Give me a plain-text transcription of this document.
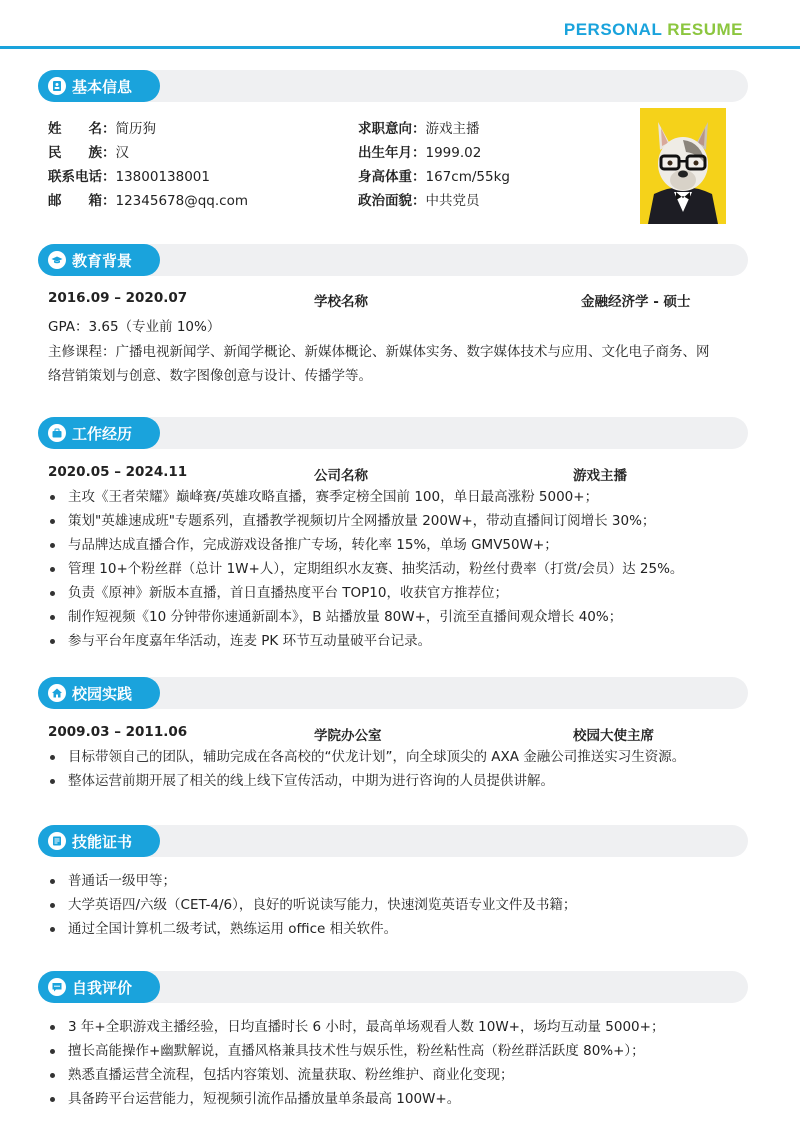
PERSONAL RESUME
基本信息
姓　　名：简历狗
民　　族：汉
联系电话：13800138001
邮　　箱：12345678@qq.com
求职意向：游戏主播
出生年月：1999.02
身高体重：167cm/55kg
政治面貌：中共党员
教育背景
2016.09 – 2020.07	学校名称	金融经济学 - 硕士
GPA：3.65（专业前 10%）
主修课程：广播电视新闻学、新闻学概论、新媒体概论、新媒体实务、数字媒体技术与应用、文化电子商务、网
络营销策划与创意、数字图像创意与设计、传播学等。
工作经历
2020.05 – 2024.11	公司名称	游戏主播
主攻《王者荣耀》巅峰赛/英雄攻略直播，赛季定榜全国前 100，单日最高涨粉 5000+；
策划"英雄速成班"专题系列，直播教学视频切片全网播放量 200W+，带动直播间订阅增长 30%；
与品牌达成直播合作，完成游戏设备推广专场，转化率 15%，单场 GMV50W+；
管理 10+个粉丝群（总计 1W+人），定期组织水友赛、抽奖活动，粉丝付费率（打赏/会员）达 25%。
负责《原神》新版本直播，首日直播热度平台 TOP10，收获官方推荐位；
制作短视频《10 分钟带你速通新副本》，B 站播放量 80W+，引流至直播间观众增长 40%；
参与平台年度嘉年华活动，连麦 PK 环节互动量破平台记录。
校园实践
2009.03 – 2011.06	学院办公室	校园大使主席
目标带领自己的团队，辅助完成在各高校的“伏龙计划”，向全球顶尖的 AXA 金融公司推送实习生资源。
整体运营前期开展了相关的线上线下宣传活动，中期为进行咨询的人员提供讲解。
技能证书
普通话一级甲等；
大学英语四/六级（CET-4/6），良好的听说读写能力，快速浏览英语专业文件及书籍；
通过全国计算机二级考试，熟练运用 office 相关软件。
自我评价
3 年+全职游戏主播经验，日均直播时长 6 小时，最高单场观看人数 10W+，场均互动量 5000+；
擅长高能操作+幽默解说，直播风格兼具技术性与娱乐性，粉丝粘性高（粉丝群活跃度 80%+）；
熟悉直播运营全流程，包括内容策划、流量获取、粉丝维护、商业化变现；
具备跨平台运营能力，短视频引流作品播放量单条最高 100W+。
